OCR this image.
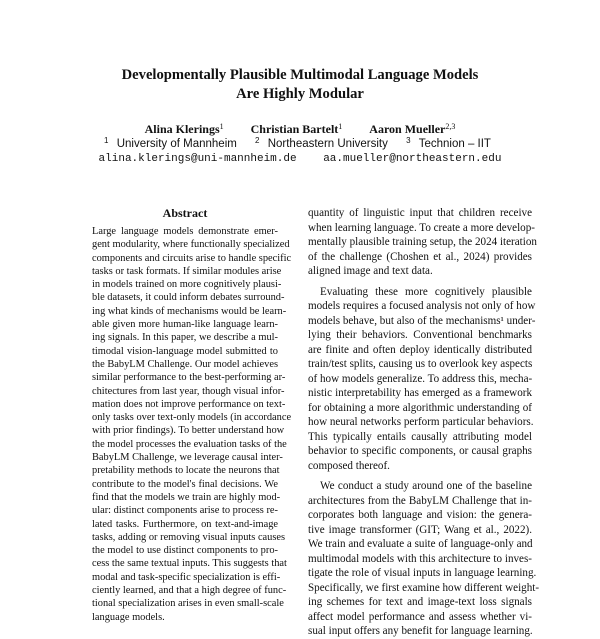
Developmentally Plausible Multimodal Language Models
Are Highly Modular
Alina Klerings$^1$ Christian Bartelt$^1$ Aaron Mueller$^{2,3}$
$^1$ University of Mannheim $^2$ Northeastern University $^3$ Technion – IIT
alina.klerings@uni-mannheim.de aa.mueller@northeastern.edu
Abstract
Large language models demonstrate emer-
gent modularity, where functionally specialized
components and circuits arise to handle specific
tasks or task formats. If similar modules arise
in models trained on more cognitively plausi-
ble datasets, it could inform debates surround-
ing what kinds of mechanisms would be learn-
able given more human-like language learn-
ing signals. In this paper, we describe a mul-
timodal vision-language model submitted to
the BabyLM Challenge. Our model achieves
similar performance to the best-performing ar-
chitectures from last year, though visual infor-
mation does not improve performance on text-
only tasks over text-only models (in accordance
with prior findings). To better understand how
the model processes the evaluation tasks of the
BabyLM Challenge, we leverage causal inter-
pretability methods to locate the neurons that
contribute to the model's final decisions. We
find that the models we train are highly mod-
ular: distinct components arise to process re-
lated tasks. Furthermore, on text-and-image
tasks, adding or removing visual inputs causes
the model to use distinct components to pro-
cess the same textual inputs. This suggests that
modal and task-specific specialization is effi-
ciently learned, and that a high degree of func-
tional specialization arises in even small-scale
language models.
quantity of linguistic input that children receive
when learning language. To create a more develop-
mentally plausible training setup, the 2024 iteration
of the challenge (Choshen et al., 2024) provides
aligned image and text data.
Evaluating these more cognitively plausible
models requires a focused analysis not only of how
models behave, but also of the mechanisms¹ under-
lying their behaviors. Conventional benchmarks
are finite and often deploy identically distributed
train/test splits, causing us to overlook key aspects
of how models generalize. To address this, mecha-
nistic interpretability has emerged as a framework
for obtaining a more algorithmic understanding of
how neural networks perform particular behaviors.
This typically entails causally attributing model
behavior to specific components, or causal graphs
composed thereof.
We conduct a study around one of the baseline
architectures from the BabyLM Challenge that in-
corporates both language and vision: the genera-
tive image transformer (GIT; Wang et al., 2022).
We train and evaluate a suite of language-only and
multimodal models with this architecture to inves-
tigate the role of visual inputs in language learning.
Specifically, we first examine how different weight-
ing schemes for text and image-text loss signals
affect model performance and assess whether vi-
sual input offers any benefit for language learning.
